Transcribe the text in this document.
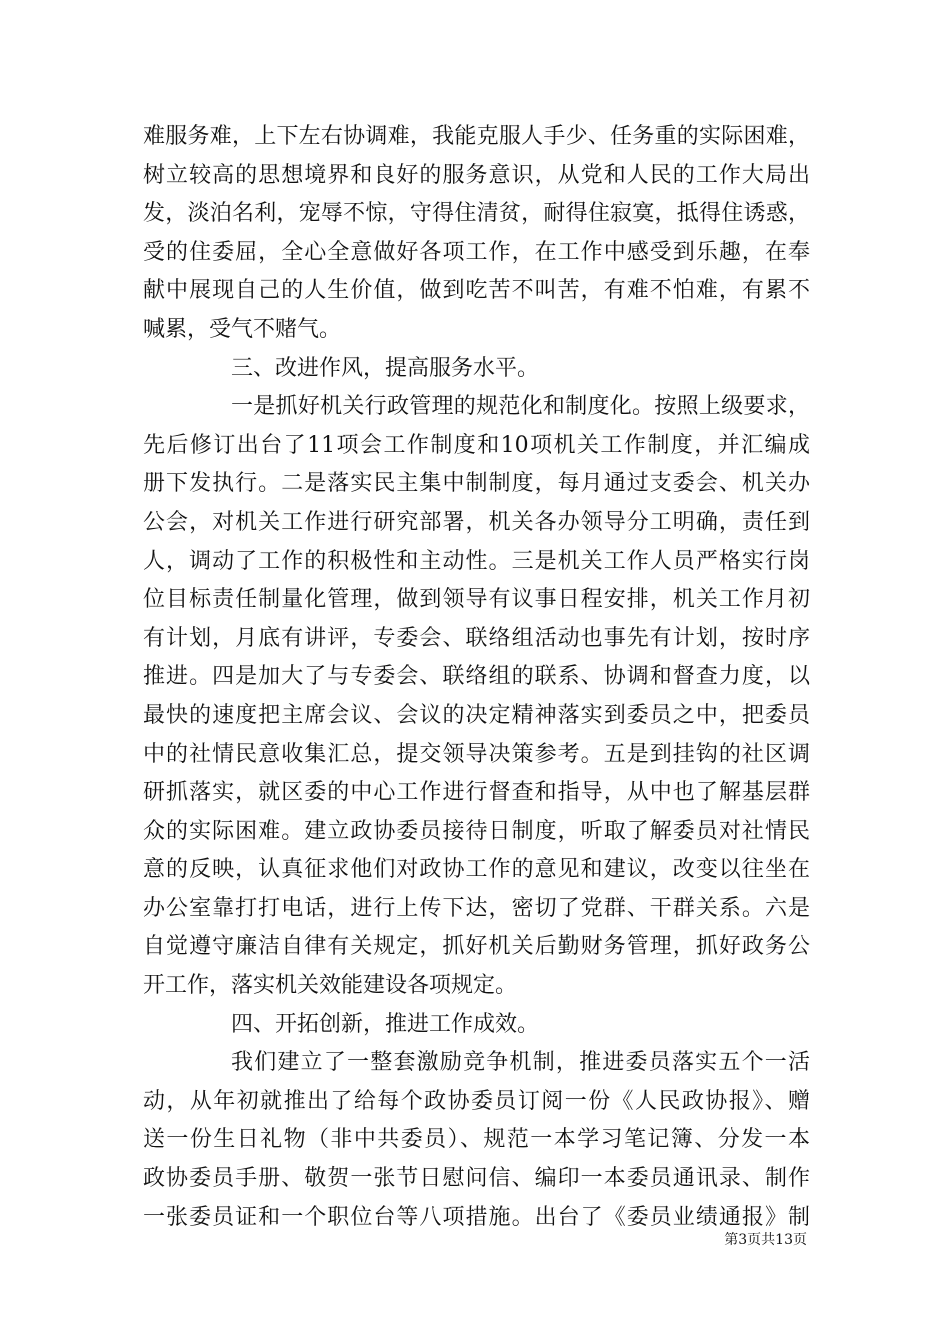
难服务难，上下左右协调难，我能克服人手少、任务重的实际困难，
树立较高的思想境界和良好的服务意识，从党和人民的工作大局出
发，淡泊名利，宠辱不惊，守得住清贫，耐得住寂寞，抵得住诱惑，
受的住委屈，全心全意做好各项工作，在工作中感受到乐趣，在奉
献中展现自己的人生价值，做到吃苦不叫苦，有难不怕难，有累不
喊累，受气不赌气。
三、改进作风，提高服务水平。
一是抓好机关行政管理的规范化和制度化。按照上级要求，
先后修订出台了11项会工作制度和10项机关工作制度，并汇编成
册下发执行。二是落实民主集中制制度，每月通过支委会、机关办
公会，对机关工作进行研究部署，机关各办领导分工明确，责任到
人，调动了工作的积极性和主动性。三是机关工作人员严格实行岗
位目标责任制量化管理，做到领导有议事日程安排，机关工作月初
有计划，月底有讲评，专委会、联络组活动也事先有计划，按时序
推进。四是加大了与专委会、联络组的联系、协调和督查力度，以
最快的速度把主席会议、会议的决定精神落实到委员之中，把委员
中的社情民意收集汇总，提交领导决策参考。五是到挂钩的社区调
研抓落实，就区委的中心工作进行督查和指导，从中也了解基层群
众的实际困难。建立政协委员接待日制度，听取了解委员对社情民
意的反映，认真征求他们对政协工作的意见和建议，改变以往坐在
办公室靠打打电话，进行上传下达，密切了党群、干群关系。六是
自觉遵守廉洁自律有关规定，抓好机关后勤财务管理，抓好政务公
开工作，落实机关效能建设各项规定。
四、开拓创新，推进工作成效。
我们建立了一整套激励竞争机制，推进委员落实五个一活
动，从年初就推出了给每个政协委员订阅一份《人民政协报》、赠
送一份生日礼物（非中共委员）、规范一本学习笔记簿、分发一本
政协委员手册、敬贺一张节日慰问信、编印一本委员通讯录、制作
一张委员证和一个职位台等八项措施。出台了《委员业绩通报》制
第3页共13页
